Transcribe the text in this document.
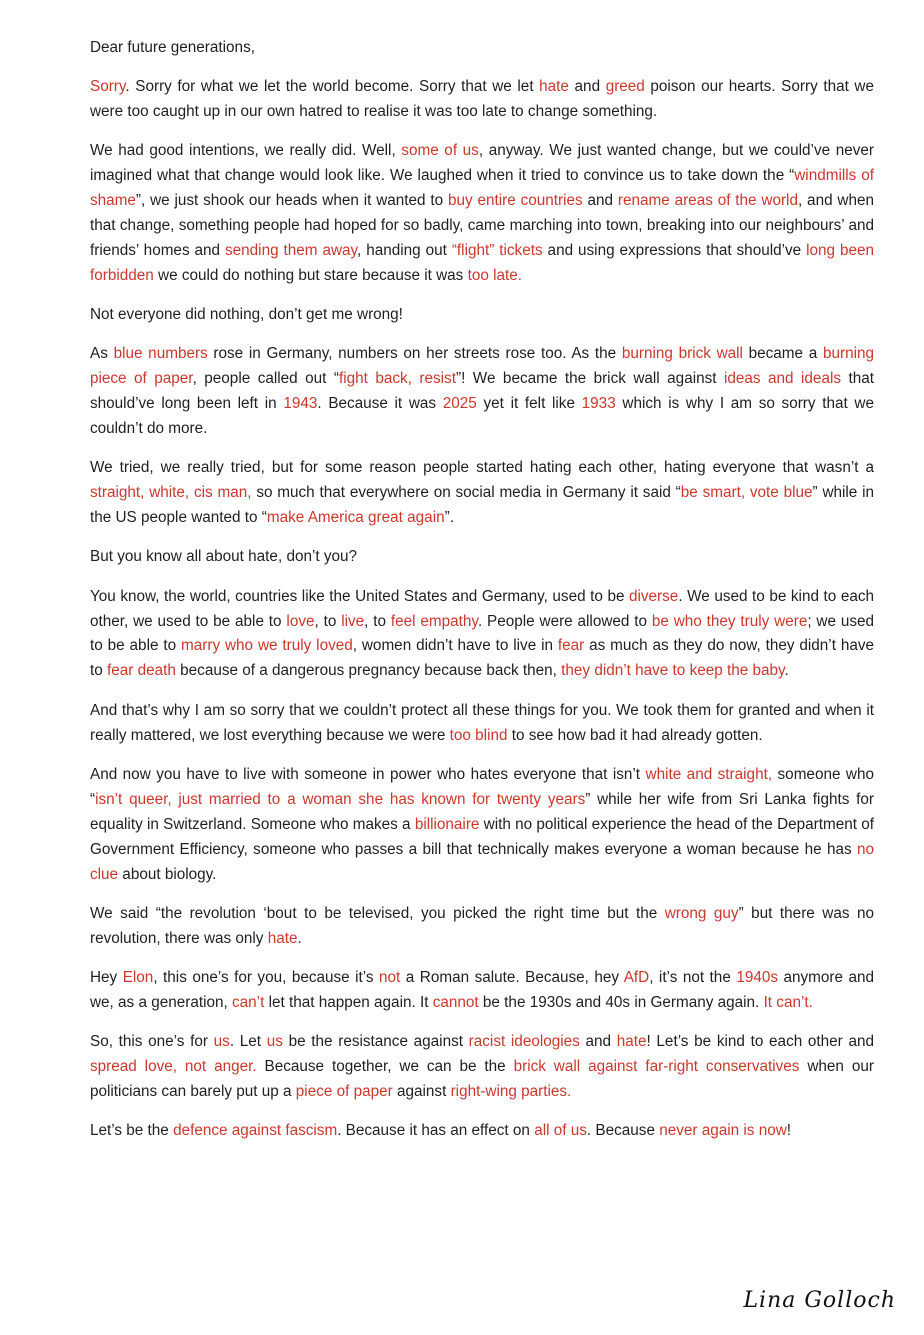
Dear future generations,

Sorry. Sorry for what we let the world become. Sorry that we let hate and greed poison our hearts. Sorry that we were too caught up in our own hatred to realise it was too late to change something.

We had good intentions, we really did. Well, some of us, anyway. We just wanted change, but we could’ve never imagined what that change would look like. We laughed when it tried to convince us to take down the “windmills of shame”, we just shook our heads when it wanted to buy entire countries and rename areas of the world, and when that change, something people had hoped for so badly, came marching into town, breaking into our neighbours’ and friends’ homes and sending them away, handing out “flight” tickets and using expressions that should’ve long been forbidden we could do nothing but stare because it was too late.

Not everyone did nothing, don’t get me wrong!

As blue numbers rose in Germany, numbers on her streets rose too. As the burning brick wall became a burning piece of paper, people called out “fight back, resist”! We became the brick wall against ideas and ideals that should’ve long been left in 1943. Because it was 2025 yet it felt like 1933 which is why I am so sorry that we couldn’t do more.

We tried, we really tried, but for some reason people started hating each other, hating everyone that wasn’t a straight, white, cis man, so much that everywhere on social media in Germany it said “be smart, vote blue” while in the US people wanted to “make America great again”.

But you know all about hate, don’t you?

You know, the world, countries like the United States and Germany, used to be diverse. We used to be kind to each other, we used to be able to love, to live, to feel empathy. People were allowed to be who they truly were; we used to be able to marry who we truly loved, women didn’t have to live in fear as much as they do now, they didn’t have to fear death because of a dangerous pregnancy because back then, they didn’t have to keep the baby.

And that’s why I am so sorry that we couldn’t protect all these things for you. We took them for granted and when it really mattered, we lost everything because we were too blind to see how bad it had already gotten.

And now you have to live with someone in power who hates everyone that isn’t white and straight, someone who “isn’t queer, just married to a woman she has known for twenty years” while her wife from Sri Lanka fights for equality in Switzerland. Someone who makes a billionaire with no political experience the head of the Department of Government Efficiency, someone who passes a bill that technically makes everyone a woman because he has no clue about biology.

We said “the revolution ‘bout to be televised, you picked the right time but the wrong guy” but there was no revolution, there was only hate.

Hey Elon, this one’s for you, because it’s not a Roman salute. Because, hey AfD, it’s not the 1940s anymore and we, as a generation, can’t let that happen again. It cannot be the 1930s and 40s in Germany again. It can’t.

So, this one’s for us. Let us be the resistance against racist ideologies and hate! Let’s be kind to each other and spread love, not anger. Because together, we can be the brick wall against far-right conservatives when our politicians can barely put up a piece of paper against right-wing parties.

Let’s be the defence against fascism. Because it has an effect on all of us. Because never again is now!

Lina Golloch
